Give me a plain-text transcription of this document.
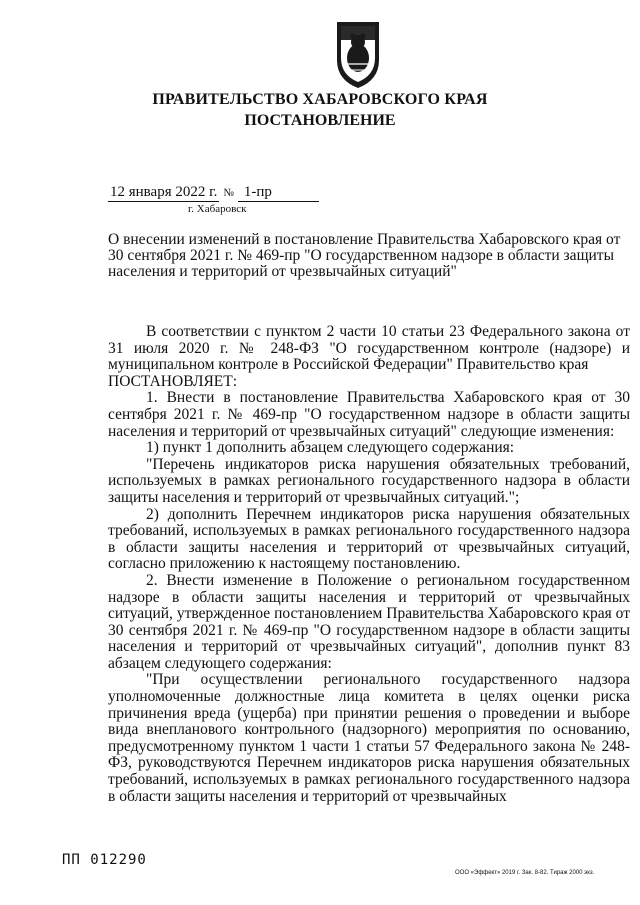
ПРАВИТЕЛЬСТВО ХАБАРОВСКОГО КРАЯ
ПОСТАНОВЛЕНИЕ
12 января 2022 г. № 1-пр
г. Хабаровск
О внесении изменений в постановление Правительства Хабаровского края от 30 сентября 2021 г. № 469-пр "О государственном надзоре в области защиты населения и территорий от чрезвычайных ситуаций"

В соответствии с пунктом 2 части 10 статьи 23 Федерального закона от 31 июля 2020 г. № 248-ФЗ "О государственном контроле (надзоре) и муниципальном контроле в Российской Федерации" Правительство края

ПОСТАНОВЛЯЕТ:

1. Внести в постановление Правительства Хабаровского края от 30 сентября 2021 г. № 469-пр "О государственном надзоре в области защиты населения и территорий от чрезвычайных ситуаций" следующие изменения:

1) пункт 1 дополнить абзацем следующего содержания:

"Перечень индикаторов риска нарушения обязательных требований, используемых в рамках регионального государственного надзора в области защиты населения и территорий от чрезвычайных ситуаций.";

2) дополнить Перечнем индикаторов риска нарушения обязательных требований, используемых в рамках регионального государственного надзора в области защиты населения и территорий от чрезвычайных ситуаций, согласно приложению к настоящему постановлению.

2. Внести изменение в Положение о региональном государственном надзоре в области защиты населения и территорий от чрезвычайных ситуаций, утвержденное постановлением Правительства Хабаровского края от 30 сентября 2021 г. № 469-пр "О государственном надзоре в области защиты населения и территорий от чрезвычайных ситуаций", дополнив пункт 83 абзацем следующего содержания:

"При осуществлении регионального государственного надзора уполномоченные должностные лица комитета в целях оценки риска причинения вреда (ущерба) при принятии решения о проведении и выборе вида внепланового контрольного (надзорного) мероприятия по основанию, предусмотренному пунктом 1 части 1 статьи 57 Федерального закона № 248-ФЗ, руководствуются Перечнем индикаторов риска нарушения обязательных требований, используемых в рамках регионального государственного надзора в области защиты населения и территорий от чрезвычайных

ПП 012290
ООО «Эффект» 2019 г. Зак. 8-82. Тираж 2000 экз.
